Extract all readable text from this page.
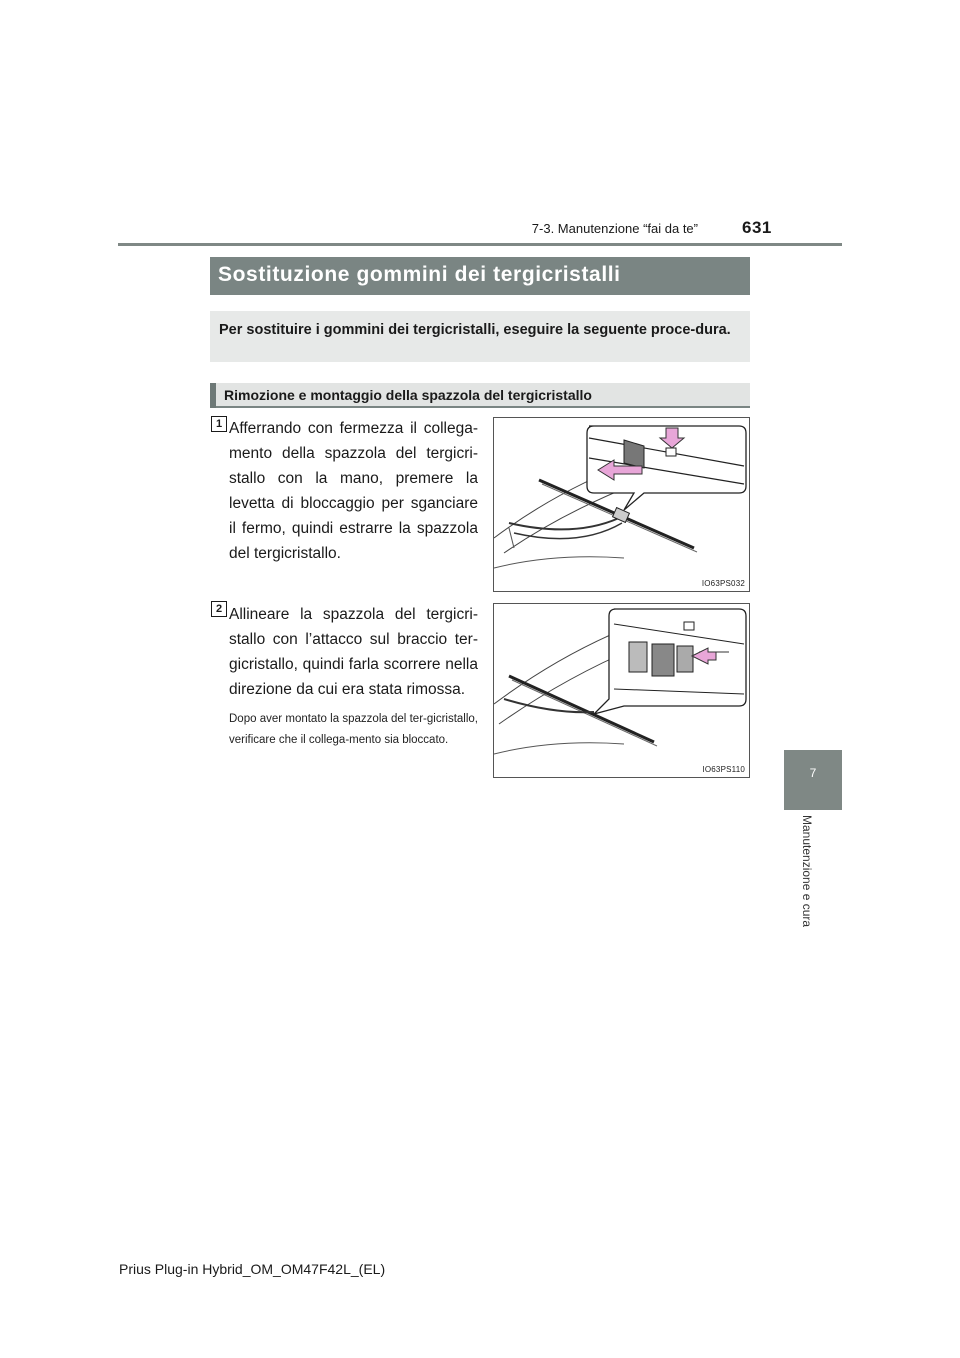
7-3. Manutenzione “fai da te”	631
7
Manutenzione e cura
Sostituzione gommini dei tergicristalli
Per sostituire i gommini dei tergicristalli, eseguire la seguente proce-dura.
Rimozione e montaggio della spazzola del tergicristallo
1 Afferrando con fermezza il collega-mento della spazzola del tergicri-stallo con la mano, premere la levetta di bloccaggio per sganciare il fermo, quindi estrarre la spazzola del tergicristallo.
IO63PS032
2 Allineare la spazzola del tergicri-stallo con l’attacco sul braccio ter-gicristallo, quindi farla scorrere nella direzione da cui era stata rimossa.
Dopo aver montato la spazzola del ter-gicristallo, verificare che il collega-mento sia bloccato.
IO63PS110
Prius Plug-in Hybrid_OM_OM47F42L_(EL)
